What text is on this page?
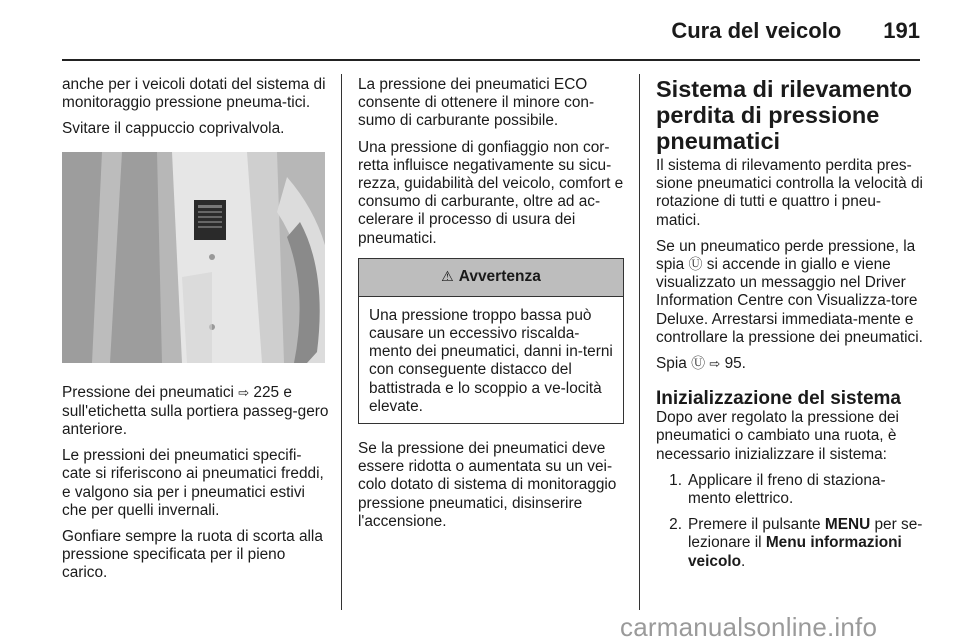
Cura del veicolo 191

anche per i veicoli dotati del sistema di monitoraggio pressione pneuma-tici.

Svitare il cappuccio coprivalvola.

Pressione dei pneumatici ⇨ 225 e sull'etichetta sulla portiera passeg-gero anteriore.

Le pressioni dei pneumatici specifi-cate si riferiscono ai pneumatici freddi, e valgono sia per i pneumatici estivi che per quelli invernali.

Gonfiare sempre la ruota di scorta alla pressione specificata per il pieno carico.

La pressione dei pneumatici ECO consente di ottenere il minore con-sumo di carburante possibile.

Una pressione di gonfiaggio non cor-retta influisce negativamente su sicu-rezza, guidabilità del veicolo, comfort e consumo di carburante, oltre ad ac-celerare il processo di usura dei pneumatici.

⚠ Avvertenza

Una pressione troppo bassa può causare un eccessivo riscalda-mento dei pneumatici, danni in-terni con conseguente distacco del battistrada e lo scoppio a ve-locità elevate.

Se la pressione dei pneumatici deve essere ridotta o aumentata su un vei-colo dotato di sistema di monitoraggio pressione pneumatici, disinserire l'accensione.

Sistema di rilevamento perdita di pressione pneumatici

Il sistema di rilevamento perdita pres-sione pneumatici controlla la velocità di rotazione di tutti e quattro i pneu-matici.

Se un pneumatico perde pressione, la spia Ⓤ si accende in giallo e viene visualizzato un messaggio nel Driver Information Centre con Visualizza-tore Deluxe. Arrestarsi immediata-mente e controllare la pressione dei pneumatici.

Spia Ⓤ ⇨ 95.

Inizializzazione del sistema

Dopo aver regolato la pressione dei pneumatici o cambiato una ruota, è necessario inizializzare il sistema:

1. Applicare il freno di staziona-mento elettrico.
2. Premere il pulsante MENU per se-lezionare il Menu informazioni veicolo.
carmanualsonline.info
